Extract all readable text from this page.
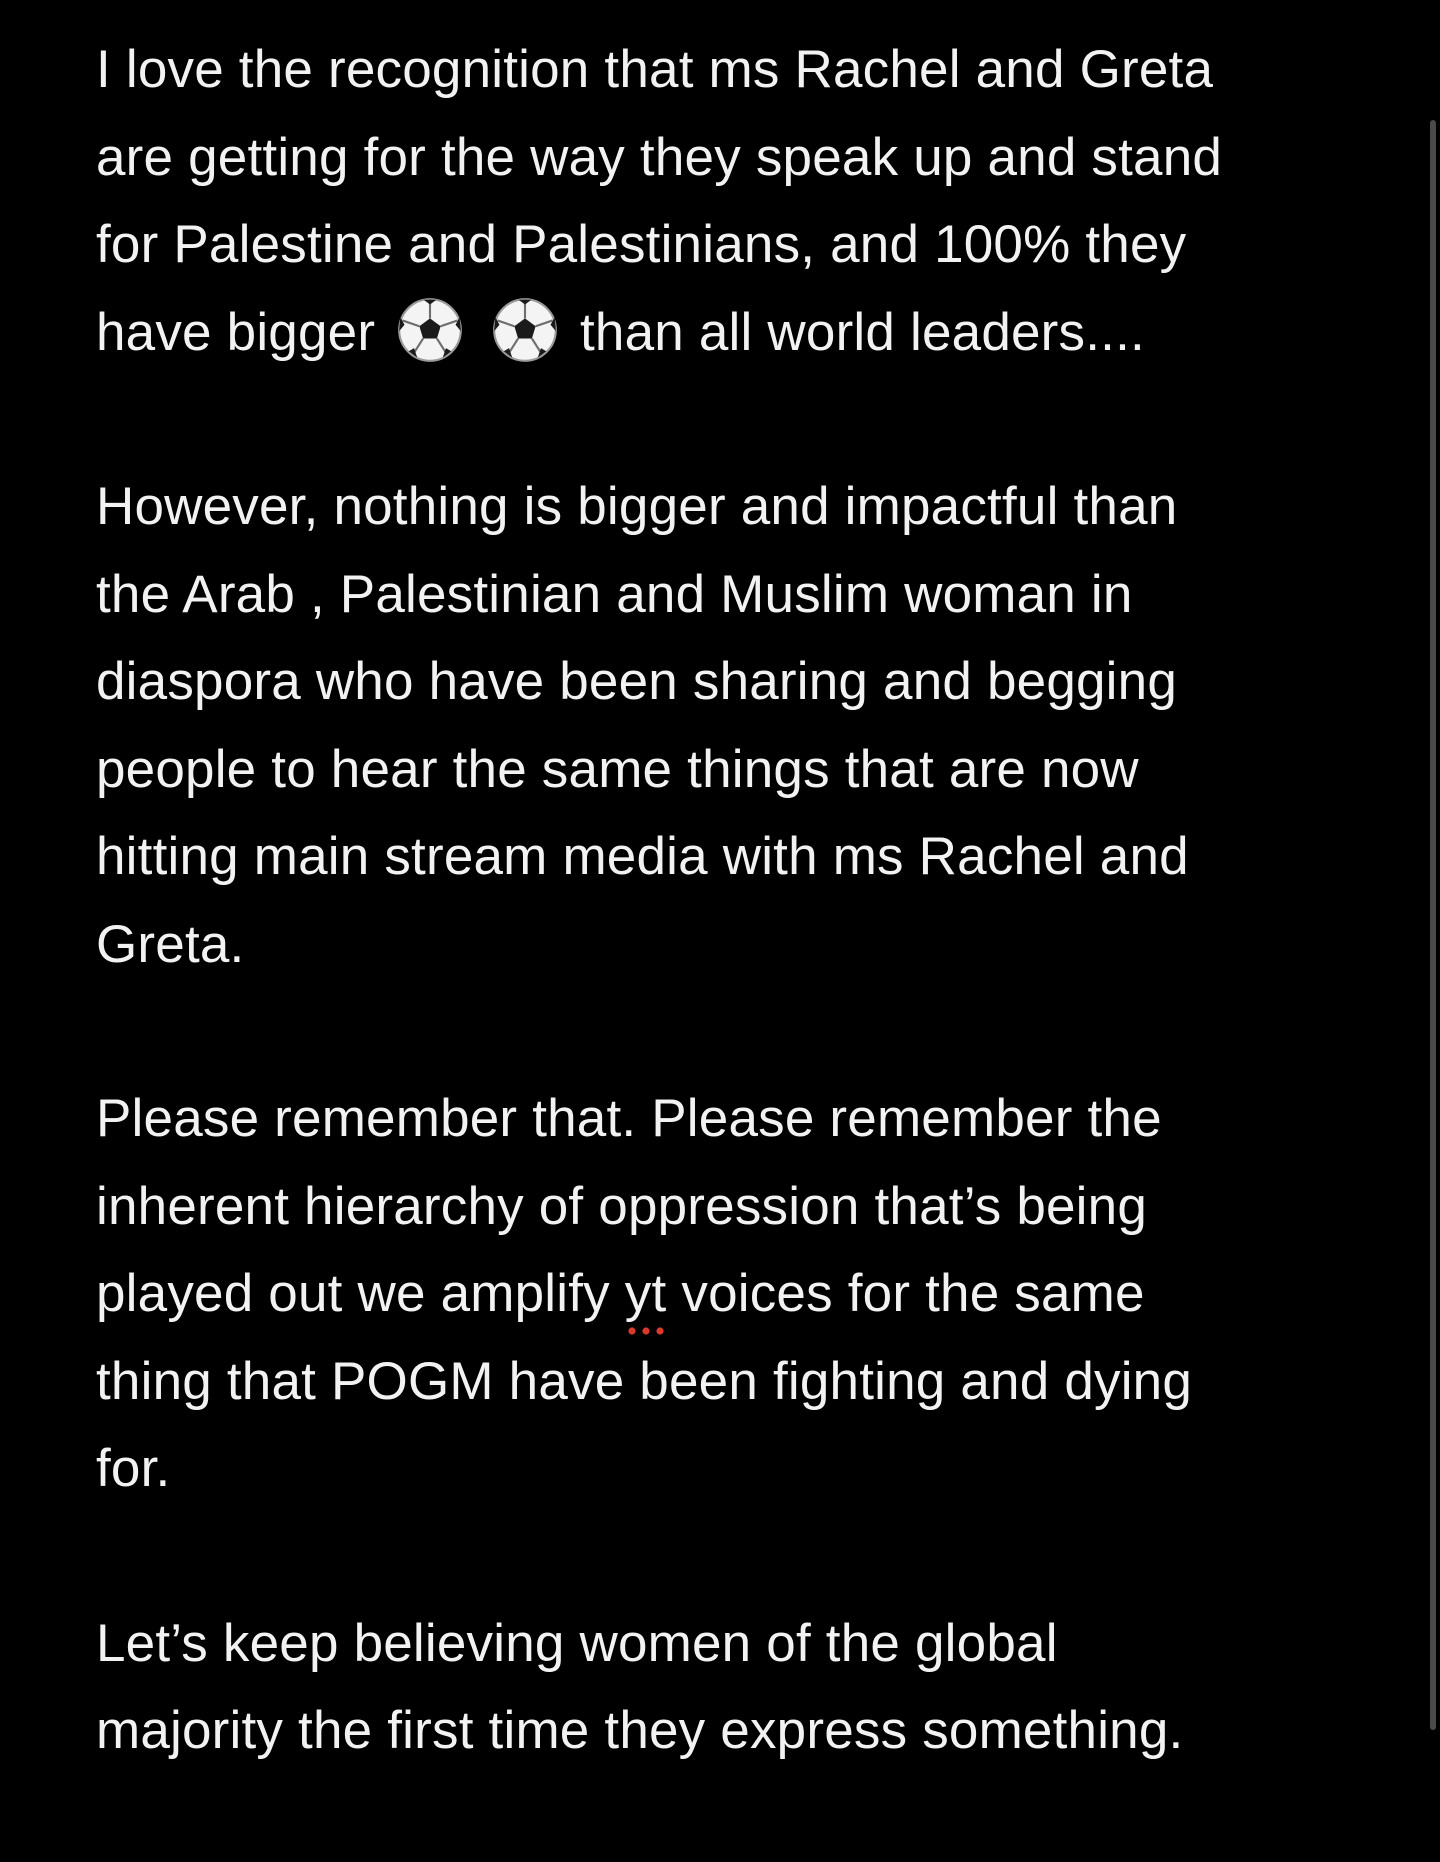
I love the recognition that ms Rachel and Greta
are getting for the way they speak up and stand
for Palestine and Palestinians, and 100% they
have bigger
	than all world leaders....
However, nothing is bigger and impactful than
the Arab , Palestinian and Muslim woman in
diaspora who have been sharing and begging
people to hear the same things that are now
hitting main stream media with ms Rachel and
Greta.
Please remember that. Please remember the
inherent hierarchy of oppression that’s being
played out we amplify yt
voices for the same
thing that POGM have been fighting and dying
for.
Let’s keep believing women of the global
majority the first time they express something.
